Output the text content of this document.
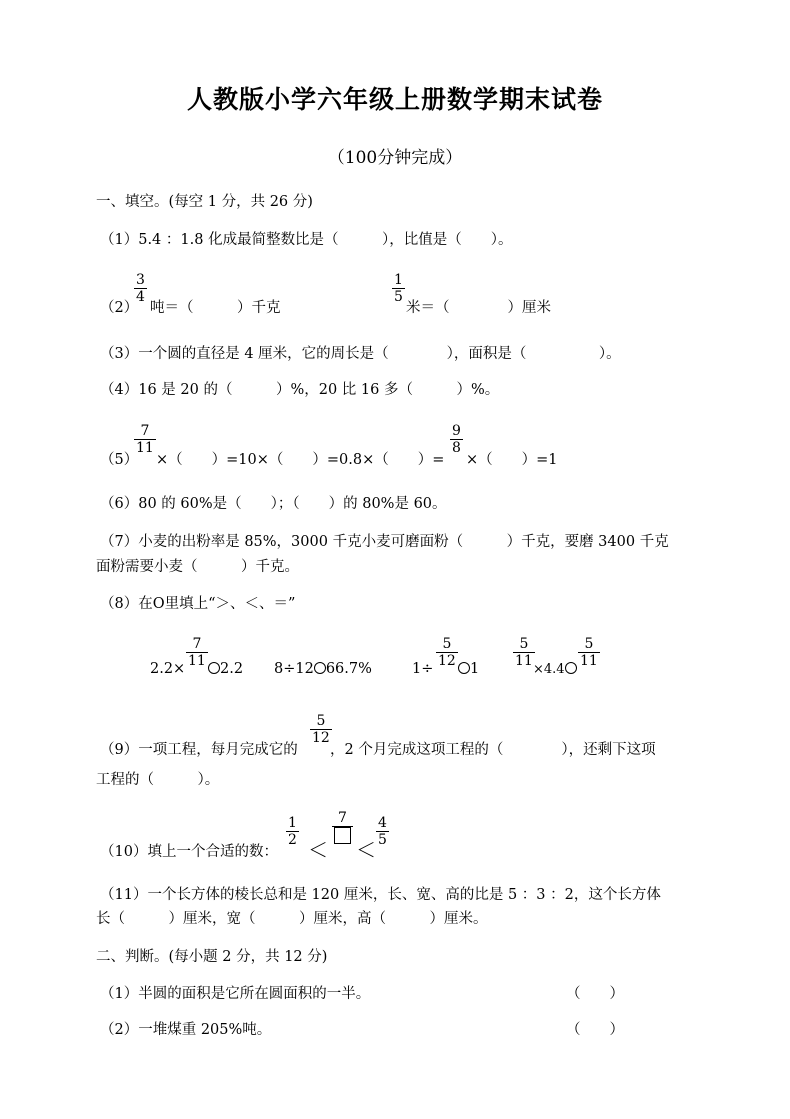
人教版小学六年级上册数学期末试卷
（100分钟完成）
一、填空。(每空 1 分，共 26 分)
（1）5.4 ：1.8 化成最简整数比是（　　　），比值是（　　）。
（2）
$\frac{3}{4}$
吨＝（　　　）千克
$\frac{1}{5}$
米＝（　　　　）厘米
（3）一个圆的直径是 4 厘米，它的周长是（　　　　），面积是（　　　　　）。
（4）16 是 20 的（　　　）%，20 比 16 多（　　　）%。
（5）
$\frac{7}{11}$
×（　　）=10×（　　）=0.8×（　　）=
$\frac{9}{8}$
×（　　）=1
（6）80 的 60%是（　　）；（　　）的 80%是 60。
（7）小麦的出粉率是 85%，3000 千克小麦可磨面粉（　　　）千克，要磨 3400 千克
面粉需要小麦（　　　）千克。
（8）在O里填上“＞、＜、＝”
$2.2\times \frac{7}{11} 2.2$ 8÷12 66.7%	$1\div \frac{5}{12} 1 \frac{5}{11}$
×4.4
$\frac{5}{11}$
（9）一项工程，每月完成它的
$\frac{5}{12}$
，2 个月完成这项工程的（　　　　），还剩下这项
工程的（　　　）。
（10）填上一个合适的数：
$\frac{1}{2}$
＜
7
＜
$\frac{4}{5}$
（11）一个长方体的棱长总和是 120 厘米，长、宽、高的比是 5 ：3 ：2，这个长方体
长（　　　）厘米，宽（　　　）厘米，高（　　　）厘米。
二、判断。(每小题 2 分，共 12 分)
（1）半圆的面积是它所在圆面积的一半。	（　　）
（2）一堆煤重 205%吨。	（　　）
